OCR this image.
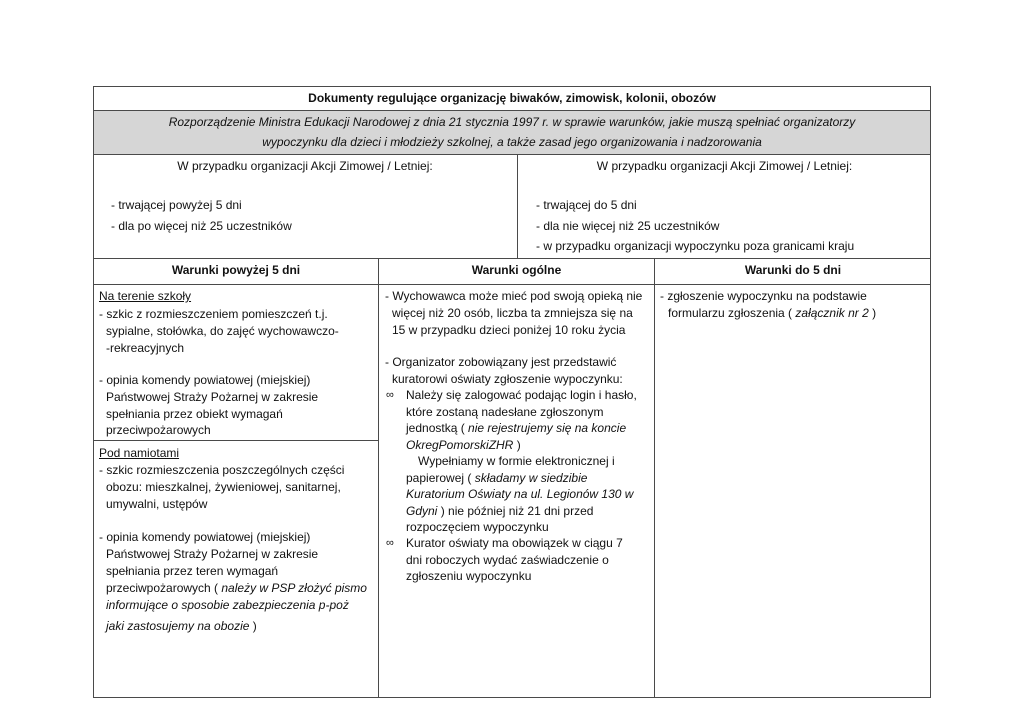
Dokumenty regulujące organizację biwaków, zimowisk, kolonii, obozów
Rozporządzenie Ministra Edukacji Narodowej z dnia 21 stycznia 1997 r. w sprawie warunków, jakie muszą spełniać organizatorzy
wypoczynku dla dzieci i młodzieży szkolnej, a także zasad jego organizowania i nadzorowania
W przypadku organizacji Akcji Zimowej / Letniej:
- trwającej powyżej 5 dni
- dla po więcej niż 25 uczestników
W przypadku organizacji Akcji Zimowej / Letniej:
- trwającej do 5 dni
- dla nie więcej niż 25 uczestników
- w przypadku organizacji wypoczynku poza granicami kraju
Warunki powyżej 5 dni	Warunki ogólne	Warunki do 5 dni
Na terenie szkoły
- szkic z rozmieszczeniem pomieszczeń t.j.
sypialne, stołówka, do zajęć wychowawczo-
-rekreacyjnych
- opinia komendy powiatowej (miejskiej)
Państwowej Straży Pożarnej w zakresie
spełniania przez obiekt wymagań
przeciwpożarowych
Pod namiotami
- szkic rozmieszczenia poszczególnych części
obozu: mieszkalnej, żywieniowej, sanitarnej,
umywalni, ustępów
- opinia komendy powiatowej (miejskiej)
Państwowej Straży Pożarnej w zakresie
spełniania przez teren wymagań
przeciwpożarowych ( należy w PSP złożyć pismo
informujące o sposobie zabezpieczenia p-poż
jaki zastosujemy na obozie )
- Wychowawca może mieć pod swoją opieką nie
więcej niż 20 osób, liczba ta zmniejsza się na
15 w przypadku dzieci poniżej 10 roku życia
- Organizator zobowiązany jest przedstawić
kuratorowi oświaty zgłoszenie wypoczynku:
∞ Należy się zalogować podając login i hasło,
które zostaną nadesłane zgłoszonym
jednostką ( nie rejestrujemy się na koncie
OkregPomorskiZHR )
Wypełniamy w formie elektronicznej i
papierowej ( składamy w siedzibie
Kuratorium Oświaty na ul. Legionów 130 w
Gdyni ) nie później niż 21 dni przed
rozpoczęciem wypoczynku
∞ Kurator oświaty ma obowiązek w ciągu 7
dni roboczych wydać zaświadczenie o
zgłoszeniu wypoczynku
- zgłoszenie wypoczynku na podstawie
formularzu zgłoszenia ( załącznik nr 2 )
